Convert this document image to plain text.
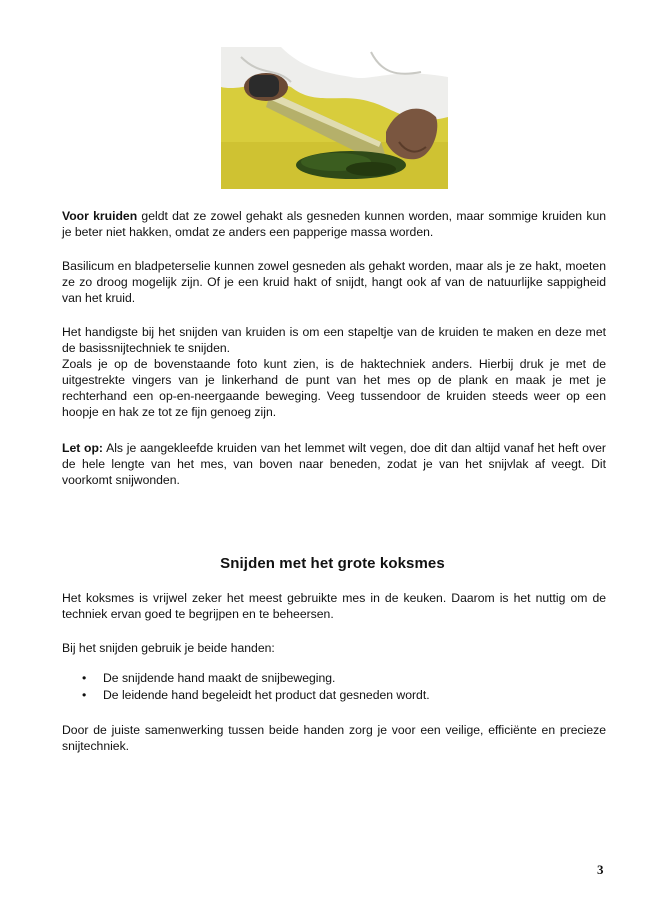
Voor kruiden geldt dat ze zowel gehakt als gesneden kunnen worden, maar sommige kruiden kun je beter niet hakken, omdat ze anders een papperige massa worden.

Basilicum en bladpeterselie kunnen zowel gesneden als gehakt worden, maar als je ze hakt, moeten ze zo droog mogelijk zijn. Of je een kruid hakt of snijdt, hangt ook af van de natuurlijke sappigheid van het kruid.

Het handigste bij het snijden van kruiden is om een stapeltje van de kruiden te maken en deze met de basissnijtechniek te snijden.

Zoals je op de bovenstaande foto kunt zien, is de haktechniek anders. Hierbij druk je met de uitgestrekte vingers van je linkerhand de punt van het mes op de plank en maak je met je rechterhand een op-en-neergaande beweging. Veeg tussendoor de kruiden steeds weer op een hoopje en hak ze tot ze fijn genoeg zijn.

Let op: Als je aangekleefde kruiden van het lemmet wilt vegen, doe dit dan altijd vanaf het heft over de hele lengte van het mes, van boven naar beneden, zodat je van het snijvlak af veegt. Dit voorkomt snijwonden.

Snijden met het grote koksmes

Het koksmes is vrijwel zeker het meest gebruikte mes in de keuken. Daarom is het nuttig om de techniek ervan goed te begrijpen en te beheersen.

Bij het snijden gebruik je beide handen:

• De snijdende hand maakt de snijbeweging.
• De leidende hand begeleidt het product dat gesneden wordt.

Door de juiste samenwerking tussen beide handen zorg je voor een veilige, efficiënte en precieze snijtechniek.

3
